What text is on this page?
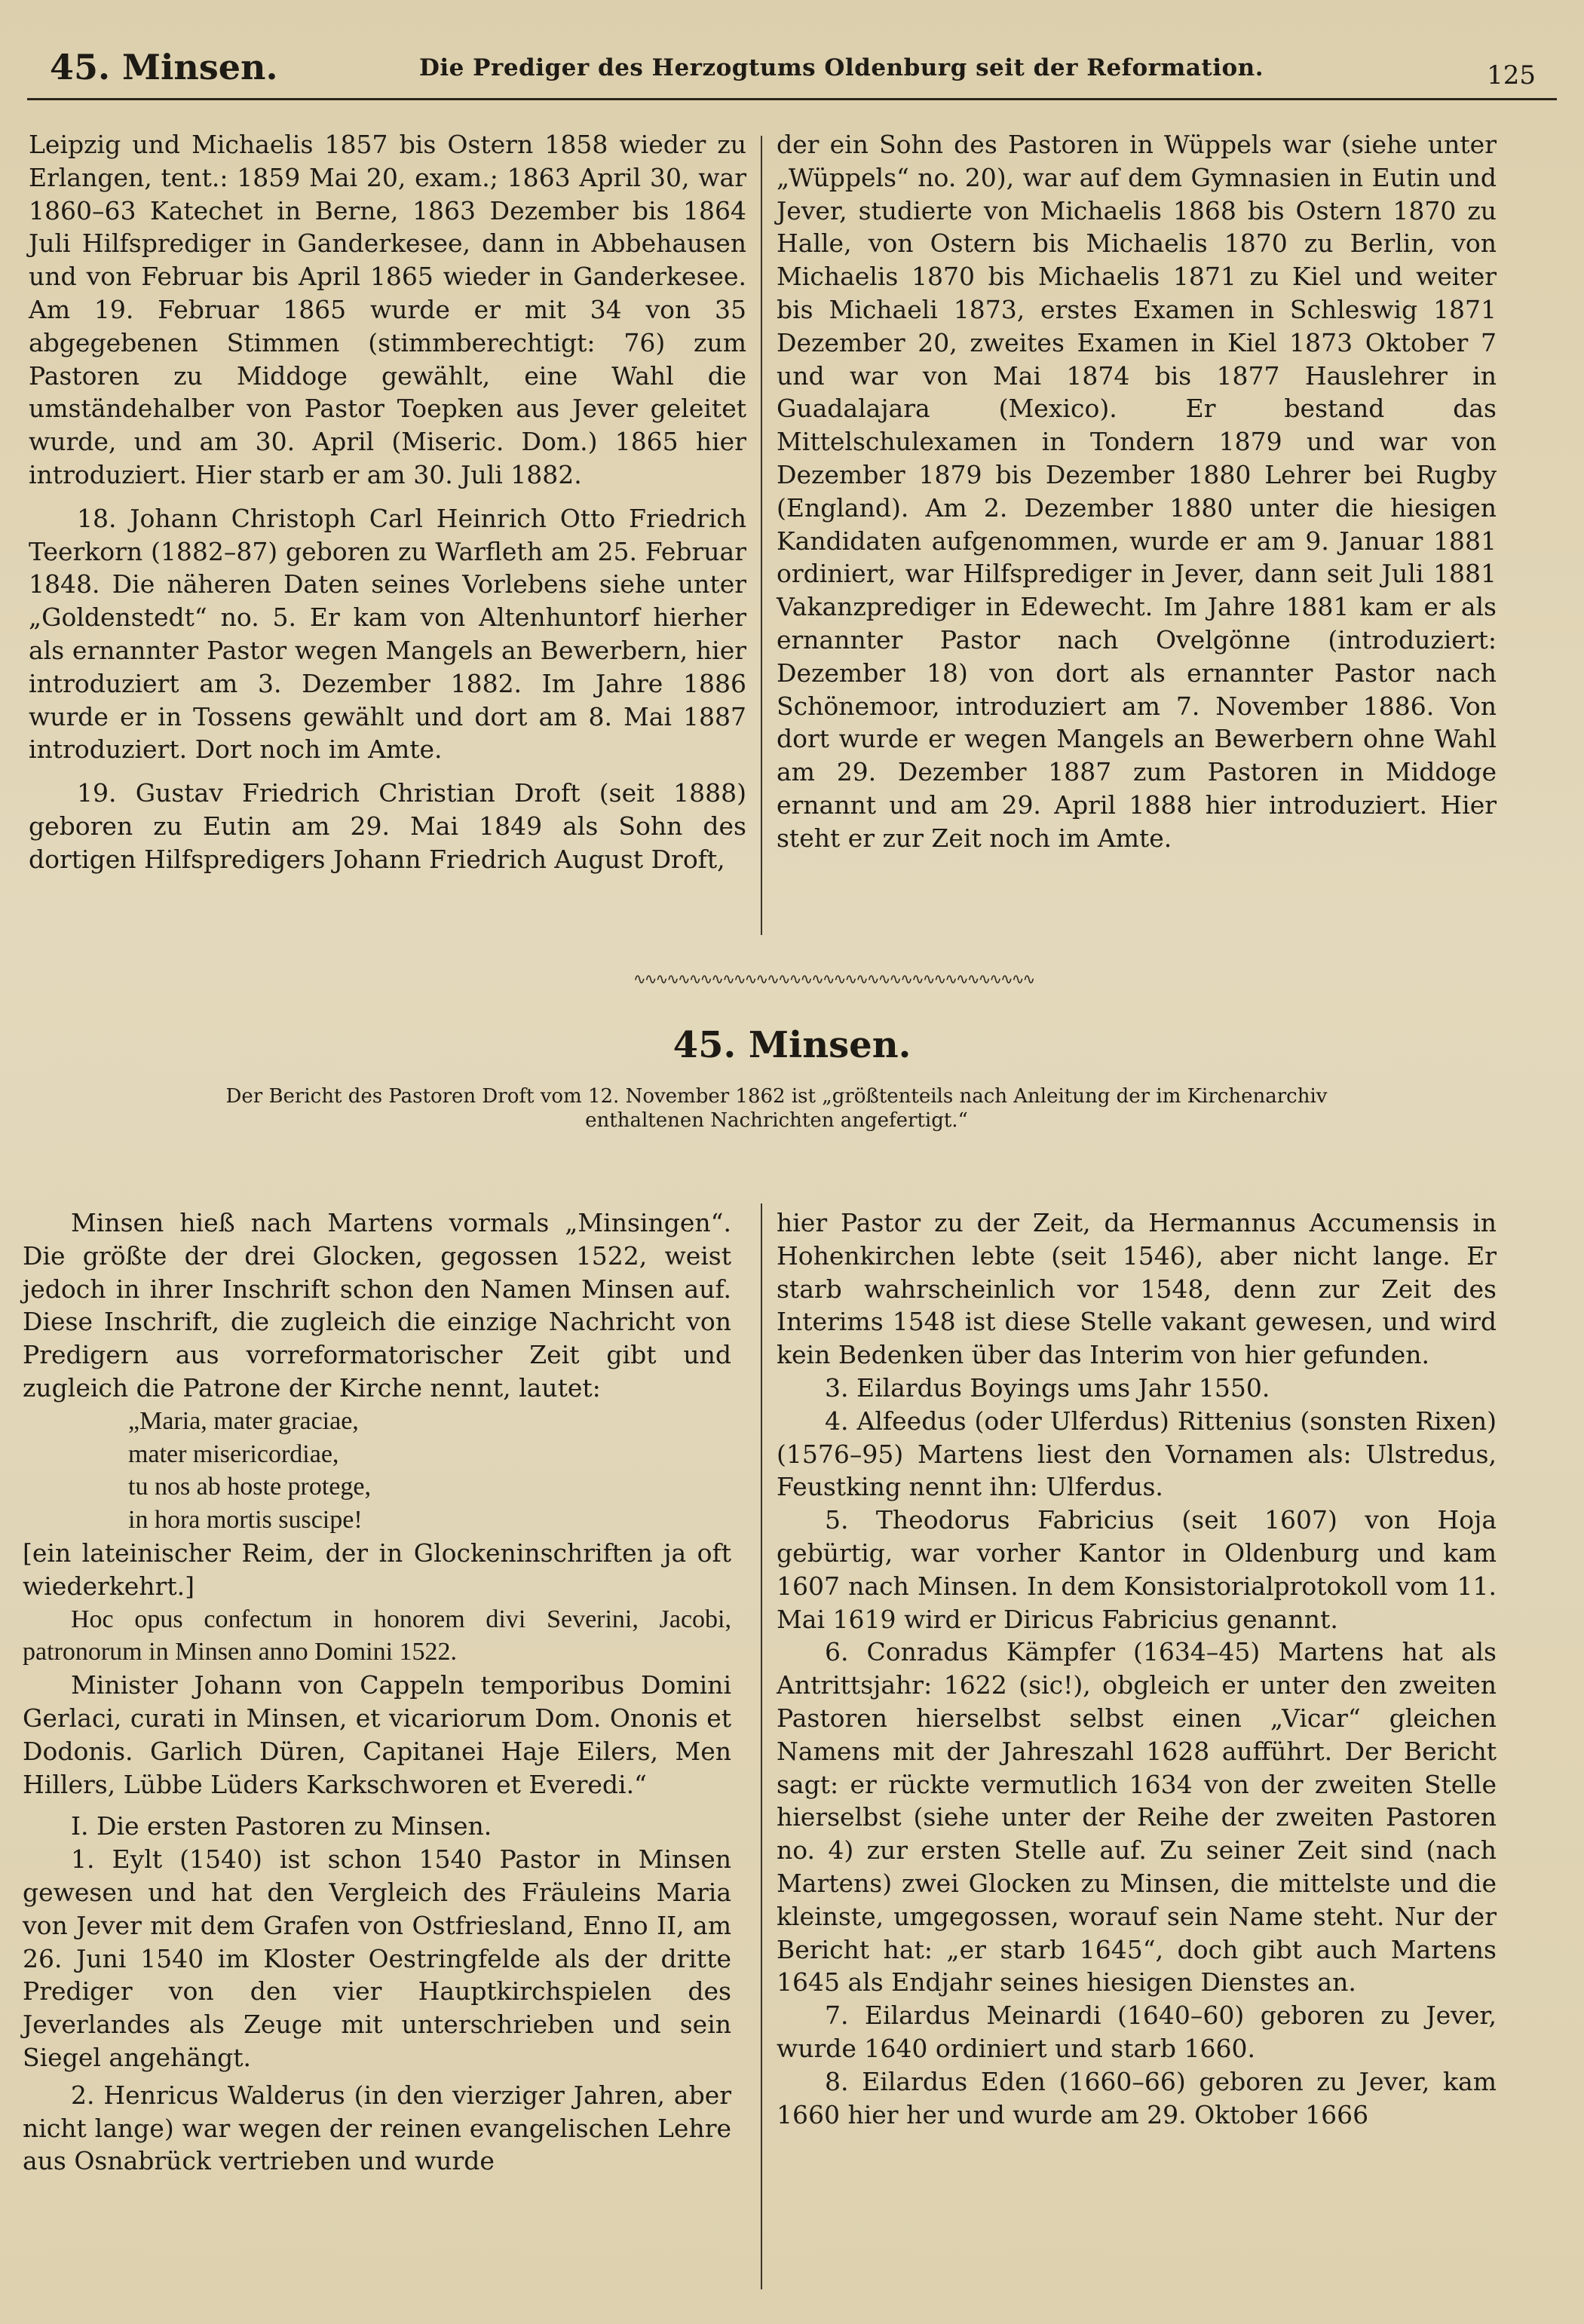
45. Minsen.	Die Prediger des Herzogtums Oldenburg seit der Reformation.	125

Leipzig und Michaelis 1857 bis Ostern 1858 wieder zu Erlangen, tent.: 1859 Mai 20, exam.; 1863 April 30, war 1860–63 Katechet in Berne, 1863 Dezember bis 1864 Juli Hilfsprediger in Ganderkesee, dann in Abbehausen und von Februar bis April 1865 wieder in Ganderkesee. Am 19. Februar 1865 wurde er mit 34 von 35 abgegebenen Stimmen (stimmberechtigt: 76) zum Pastoren zu Middoge gewählt, eine Wahl die umständehalber von Pastor Toepken aus Jever geleitet wurde, und am 30. April (Miseric. Dom.) 1865 hier introduziert. Hier starb er am 30. Juli 1882.

18. Johann Christoph Carl Heinrich Otto Friedrich Teerkorn (1882–87) geboren zu Warfleth am 25. Februar 1848. Die näheren Daten seines Vorlebens siehe unter „Goldenstedt“ no. 5. Er kam von Altenhuntorf hierher als ernannter Pastor wegen Mangels an Bewerbern, hier introduziert am 3. Dezember 1882. Im Jahre 1886 wurde er in Tossens gewählt und dort am 8. Mai 1887 introduziert. Dort noch im Amte.

19. Gustav Friedrich Christian Droft (seit 1888) geboren zu Eutin am 29. Mai 1849 als Sohn des dortigen Hilfspredigers Johann Friedrich August Droft,

der ein Sohn des Pastoren in Wüppels war (siehe unter „Wüppels“ no. 20), war auf dem Gymnasien in Eutin und Jever, studierte von Michaelis 1868 bis Ostern 1870 zu Halle, von Ostern bis Michaelis 1870 zu Berlin, von Michaelis 1870 bis Michaelis 1871 zu Kiel und weiter bis Michaeli 1873, erstes Examen in Schleswig 1871 Dezember 20, zweites Examen in Kiel 1873 Oktober 7 und war von Mai 1874 bis 1877 Hauslehrer in Guadalajara (Mexico). Er bestand das Mittelschulexamen in Tondern 1879 und war von Dezember 1879 bis Dezember 1880 Lehrer bei Rugby (England). Am 2. Dezember 1880 unter die hiesigen Kandidaten aufgenommen, wurde er am 9. Januar 1881 ordiniert, war Hilfsprediger in Jever, dann seit Juli 1881 Vakanzprediger in Edewecht. Im Jahre 1881 kam er als ernannter Pastor nach Ovelgönne (introduziert: Dezember 18) von dort als ernannter Pastor nach Schönemoor, introduziert am 7. November 1886. Von dort wurde er wegen Mangels an Bewerbern ohne Wahl am 29. Dezember 1887 zum Pastoren in Middoge ernannt und am 29. April 1888 hier introduziert. Hier steht er zur Zeit noch im Amte.

∿∿∿∿∿∿∿∿∿∿∿∿∿∿∿∿∿∿∿∿∿∿∿∿∿∿∿∿∿∿∿∿∿∿∿∿
45. Minsen.
Der Bericht des Pastoren Droft vom 12. November 1862 ist „größtenteils nach Anleitung der im Kirchenarchiv enthaltenen Nachrichten angefertigt.“

Minsen hieß nach Martens vormals „Minsingen“. Die größte der drei Glocken, gegossen 1522, weist jedoch in ihrer Inschrift schon den Namen Minsen auf. Diese Inschrift, die zugleich die einzige Nachricht von Predigern aus vorreformatorischer Zeit gibt und zugleich die Patrone der Kirche nennt, lautet:

„Maria, mater graciae,
mater misericordiae,
tu nos ab hoste protege,
in hora mortis suscipe!

[ein lateinischer Reim, der in Glockeninschriften ja oft wiederkehrt.]

Hoc opus confectum in honorem divi Severini, Jacobi, patronorum in Minsen anno Domini 1522.

Minister Johann von Cappeln temporibus Domini Gerlaci, curati in Minsen, et vicariorum Dom. Ononis et Dodonis. Garlich Düren, Capitanei Haje Eilers, Men Hillers, Lübbe Lüders Karkschworen et Everedi.“

I. Die ersten Pastoren zu Minsen.

1. Eylt (1540) ist schon 1540 Pastor in Minsen gewesen und hat den Vergleich des Fräuleins Maria von Jever mit dem Grafen von Ostfriesland, Enno II, am 26. Juni 1540 im Kloster Oestringfelde als der dritte Prediger von den vier Hauptkirchspielen des Jeverlandes als Zeuge mit unterschrieben und sein Siegel angehängt.

2. Henricus Walderus (in den vierziger Jahren, aber nicht lange) war wegen der reinen evangelischen Lehre aus Osnabrück vertrieben und wurde

hier Pastor zu der Zeit, da Hermannus Accumensis in Hohenkirchen lebte (seit 1546), aber nicht lange. Er starb wahrscheinlich vor 1548, denn zur Zeit des Interims 1548 ist diese Stelle vakant gewesen, und wird kein Bedenken über das Interim von hier gefunden.

3. Eilardus Boyings ums Jahr 1550.

4. Alfeedus (oder Ulferdus) Rittenius (sonsten Rixen) (1576–95) Martens liest den Vornamen als: Ulstredus, Feustking nennt ihn: Ulferdus.

5. Theodorus Fabricius (seit 1607) von Hoja gebürtig, war vorher Kantor in Oldenburg und kam 1607 nach Minsen. In dem Konsistorialprotokoll vom 11. Mai 1619 wird er Diricus Fabricius genannt.

6. Conradus Kämpfer (1634–45) Martens hat als Antrittsjahr: 1622 (sic!), obgleich er unter den zweiten Pastoren hierselbst selbst einen „Vicar“ gleichen Namens mit der Jahreszahl 1628 aufführt. Der Bericht sagt: er rückte vermutlich 1634 von der zweiten Stelle hierselbst (siehe unter der Reihe der zweiten Pastoren no. 4) zur ersten Stelle auf. Zu seiner Zeit sind (nach Martens) zwei Glocken zu Minsen, die mittelste und die kleinste, umgegossen, worauf sein Name steht. Nur der Bericht hat: „er starb 1645“, doch gibt auch Martens 1645 als Endjahr seines hiesigen Dienstes an.

7. Eilardus Meinardi (1640–60) geboren zu Jever, wurde 1640 ordiniert und starb 1660.

8. Eilardus Eden (1660–66) geboren zu Jever, kam 1660 hier her und wurde am 29. Oktober 1666
